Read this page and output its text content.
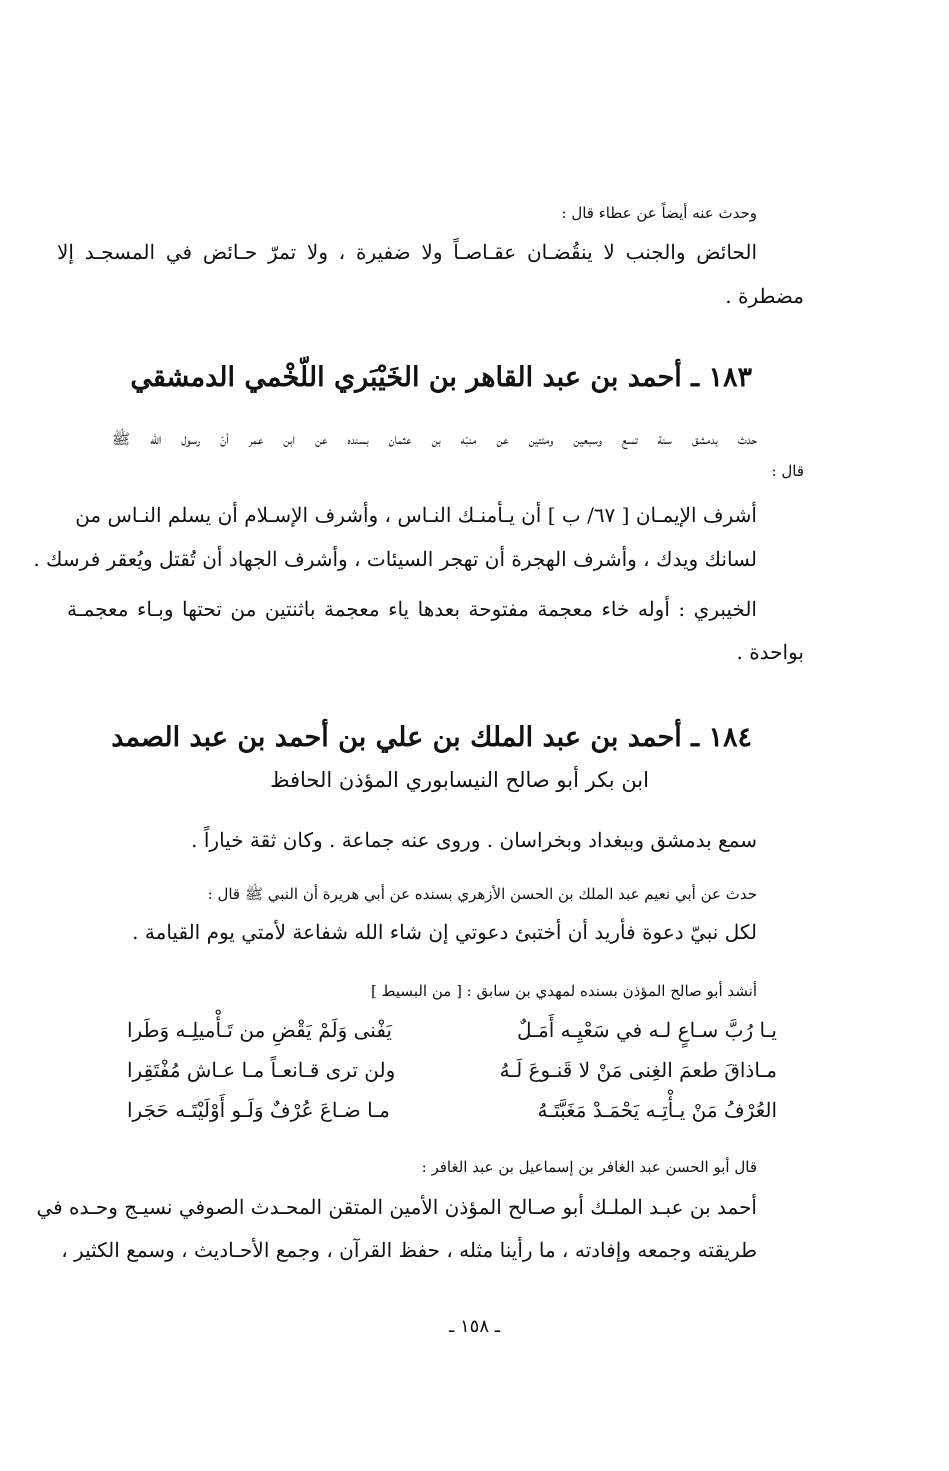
وحدث عنه أيضاً عن عطاء قال :

الحائض والجنب لا ينقُضـان عقـاصـاً ولا ضفيرة ، ولا تمرّ حـائض في المسجـد إلا

مضطرة .

١٨٣ ـ أحمد بن عبد القاهر بن الخَيْبَري اللّخْمي الدمشقي

حدث بدمشق سنة تسع وسبعين ومئتين عن منبّه بن عثمان بسنده عن ابن عمر أنّ رسول الله ﷺ

قال :

أشرف الإيمـان [ ٦٧/ ب ] أن يـأمنـك النـاس ، وأشرف الإسـلام أن يسلم النـاس من

لسانك ويدك ، وأشرف الهجرة أن تهجر السيئات ، وأشرف الجهاد أن تُقتل ويُعقر فرسك .

الخيبري : أوله خاء معجمة مفتوحة بعدها ياء معجمة باثنتين من تحتها وبـاء معجمـة

بواحدة .

١٨٤ ـ أحمد بن عبد الملك بن علي بن أحمد بن عبد الصمد

ابن بكر أبو صالح النيسابوري المؤذن الحافظ

سمع بدمشق وببغداد وبخراسان . وروى عنه جماعة . وكان ثقة خياراً .

حدث عن أبي نعيم عبد الملك بن الحسن الأزهري بسنده عن أبي هريرة أن النبي ﷺ قال :

لكل نبيّ دعوة فأريد أن أختبئ دعوتي إن شاء الله شفاعة لأمتي يوم القيامة .

أنشد أبو صالح المؤذن بسنده لمهدي بن سابق : [ من البسيط ]

يـا رُبَّ سـاعٍ لـه في سَعْيِـه أَمَـلٌ
يَفْنى وَلَمْ يَقْضِ من تَـأْميلِـه وَطَرا
مـاذاقَ طعمَ الغِنى مَنْ لا قَنـوعَ لَـهُ
ولن ترى قـانعـاً مـا عـاش مُفْتَقِرا
العُرْفُ مَنْ يـأْتِـه يَحْمَـدْ مَغَبَّتَـهُ
مـا ضـاعَ عُرْفٌ وَلَـو أَوْلَيْتَـه حَجَرا

قال أبو الحسن عبد الغافر بن إسماعيل بن عبد الغافر :

أحمد بن عبـد الملـك أبو صـالح المؤذن الأمين المتقن المحـدث الصوفي نسيـج وحـده في

طريقته وجمعه وإفادته ، ما رأينا مثله ، حفظ القرآن ، وجمع الأحـاديث ، وسمع الكثير ،

ـ ١٥٨ ـ
